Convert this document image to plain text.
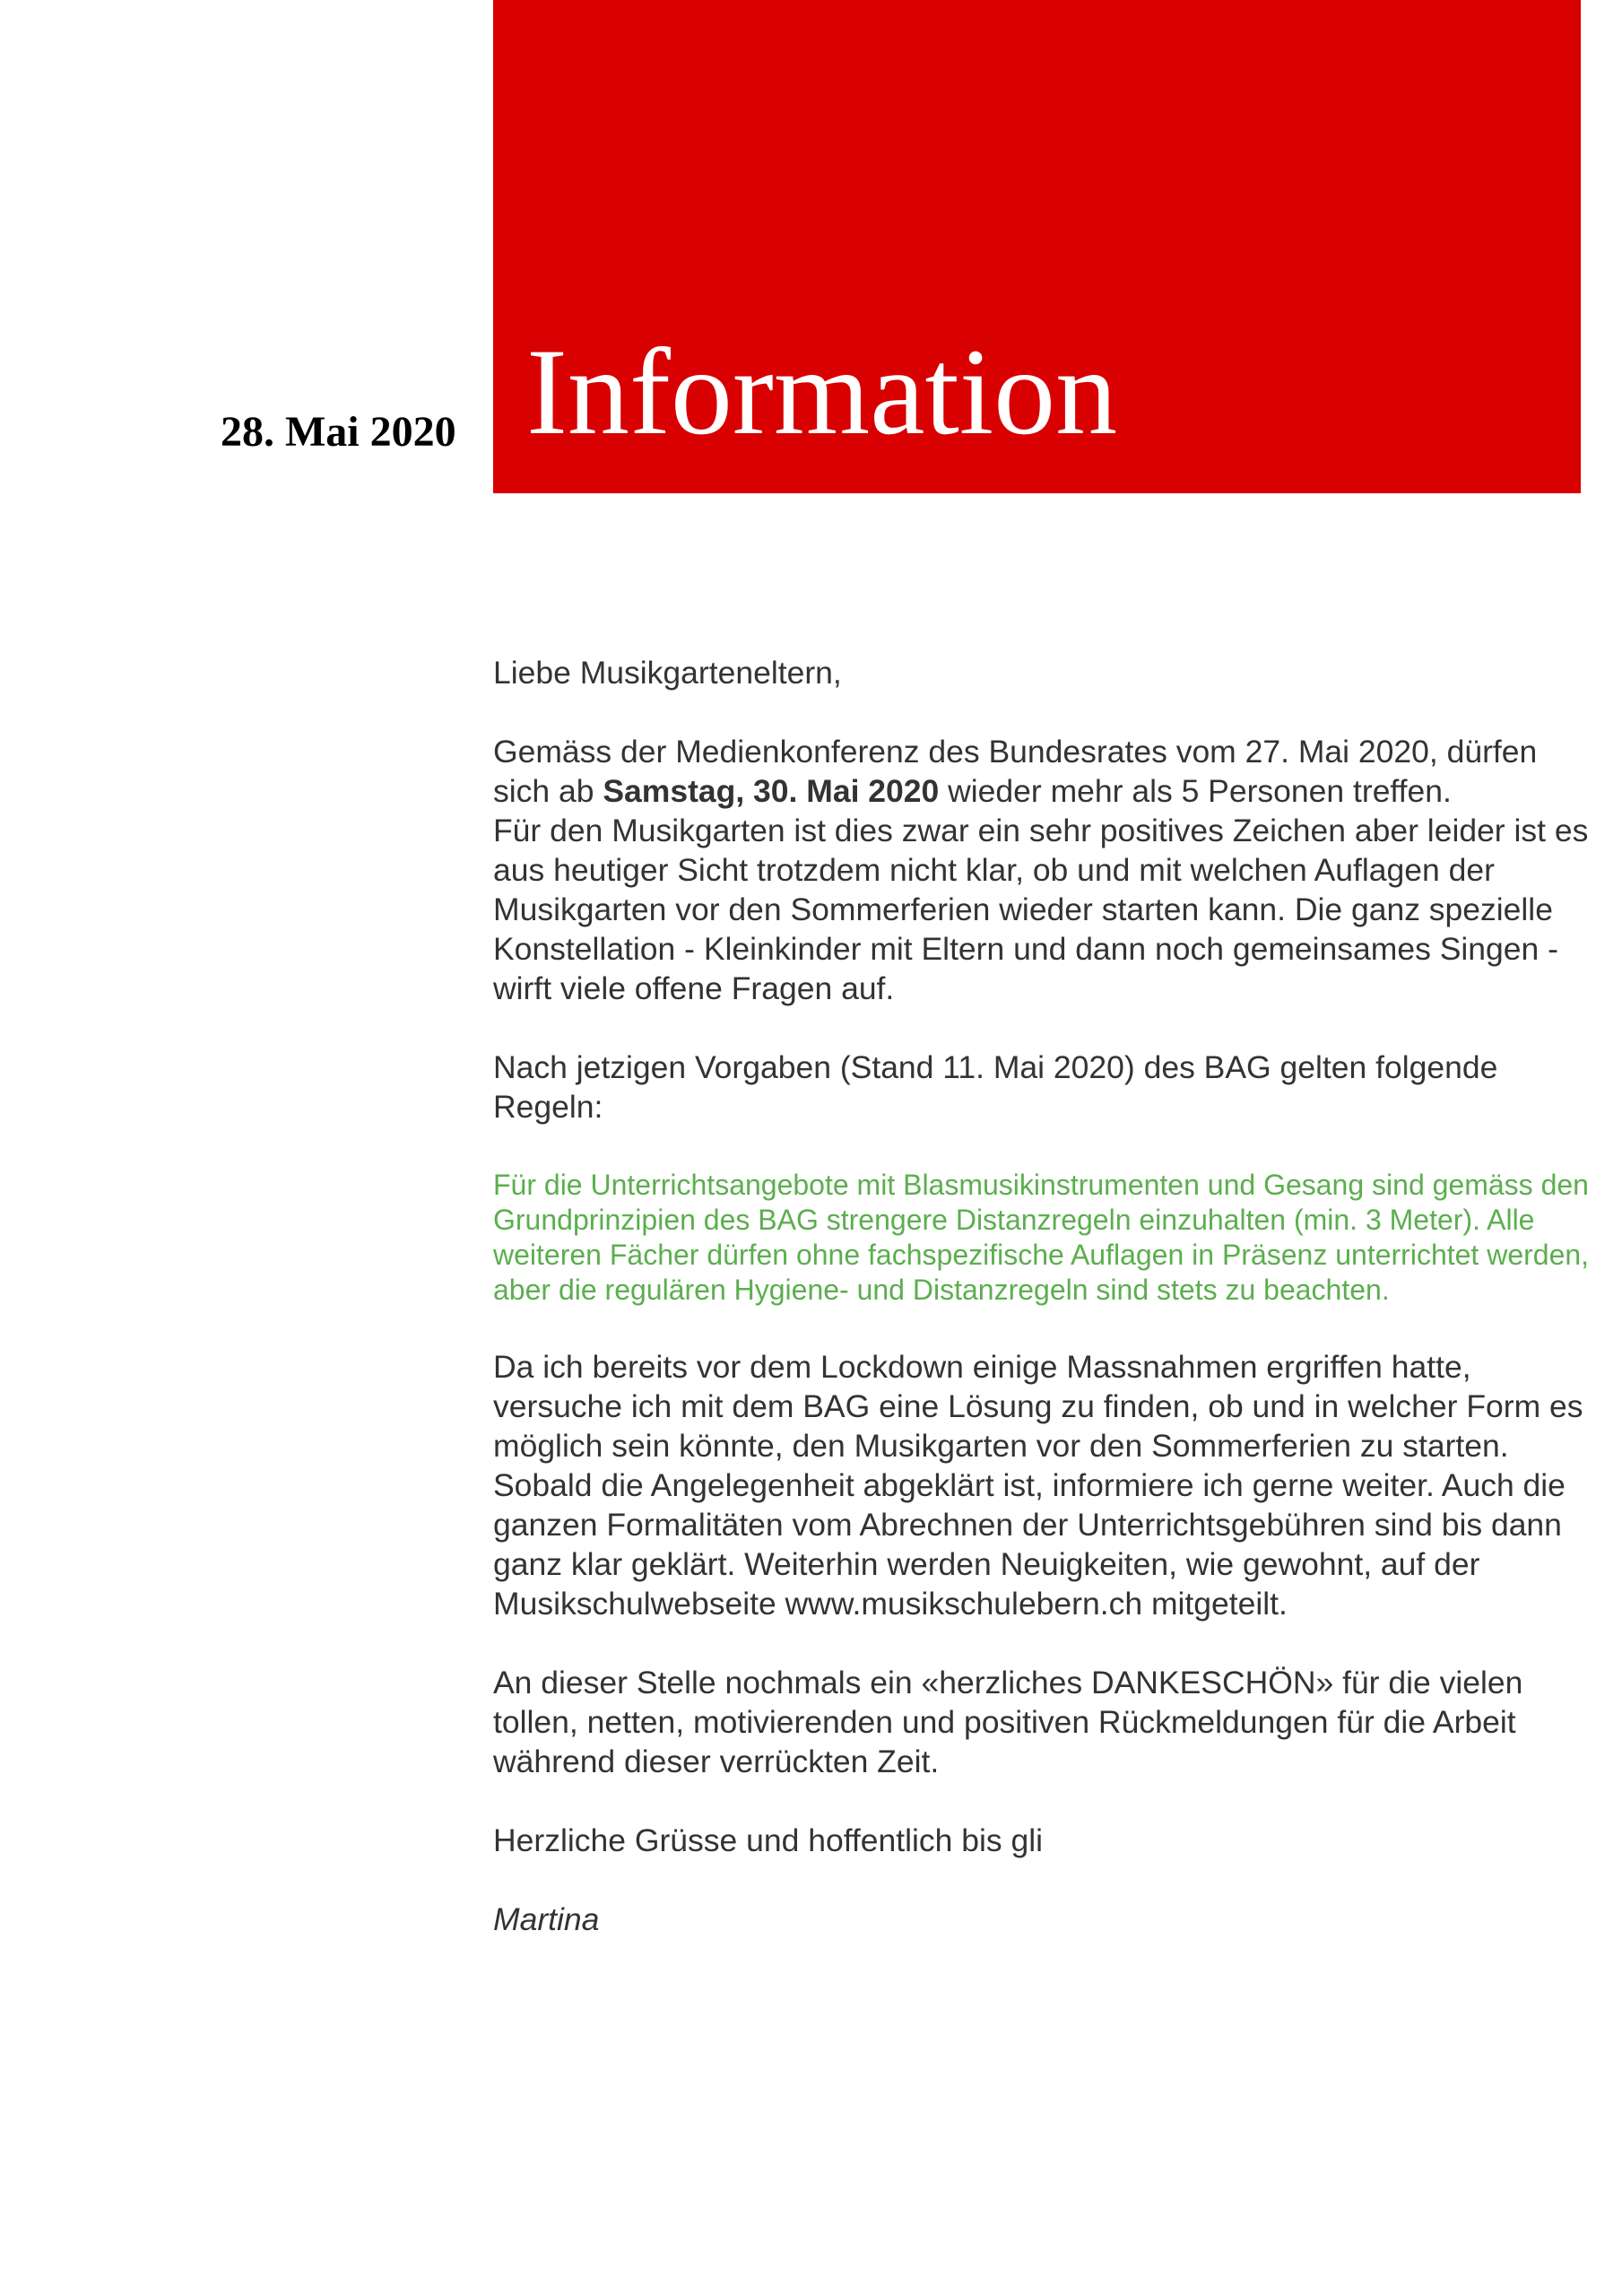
Information
28. Mai 2020

Liebe Musikgarteneltern,

Gemäss der Medienkonferenz des Bundesrates vom 27. Mai 2020, dürfen sich ab Samstag, 30. Mai 2020 wieder mehr als 5 Personen treffen.

Für den Musikgarten ist dies zwar ein sehr positives Zeichen aber leider ist es aus heutiger Sicht trotzdem nicht klar, ob und mit welchen Auflagen der Musikgarten vor den Sommerferien wieder starten kann. Die ganz spezielle Konstellation - Kleinkinder mit Eltern und dann noch gemeinsames Singen - wirft viele offene Fragen auf.

Nach jetzigen Vorgaben (Stand 11. Mai 2020) des BAG gelten folgende Regeln:

Für die Unterrichtsangebote mit Blasmusikinstrumenten und Gesang sind gemäss den Grundprinzipien des BAG strengere Distanzregeln einzuhalten (min. 3 Meter). Alle weiteren Fächer dürfen ohne fachspezifische Auflagen in Präsenz unterrichtet werden, aber die regulären Hygiene- und Distanzregeln sind stets zu beachten.

Da ich bereits vor dem Lockdown einige Massnahmen ergriffen hatte, versuche ich mit dem BAG eine Lösung zu finden, ob und in welcher Form es möglich sein könnte, den Musikgarten vor den Sommerferien zu starten. Sobald die Angelegenheit abgeklärt ist, informiere ich gerne weiter. Auch die ganzen Formalitäten vom Abrechnen der Unterrichtsgebühren sind bis dann ganz klar geklärt. Weiterhin werden Neuigkeiten, wie gewohnt, auf der Musikschulwebseite www.musikschulebern.ch mitgeteilt.

An dieser Stelle nochmals ein «herzliches DANKESCHÖN» für die vielen tollen, netten, motivierenden und positiven Rückmeldungen für die Arbeit während dieser verrückten Zeit.

Herzliche Grüsse und hoffentlich bis gli

Martina
